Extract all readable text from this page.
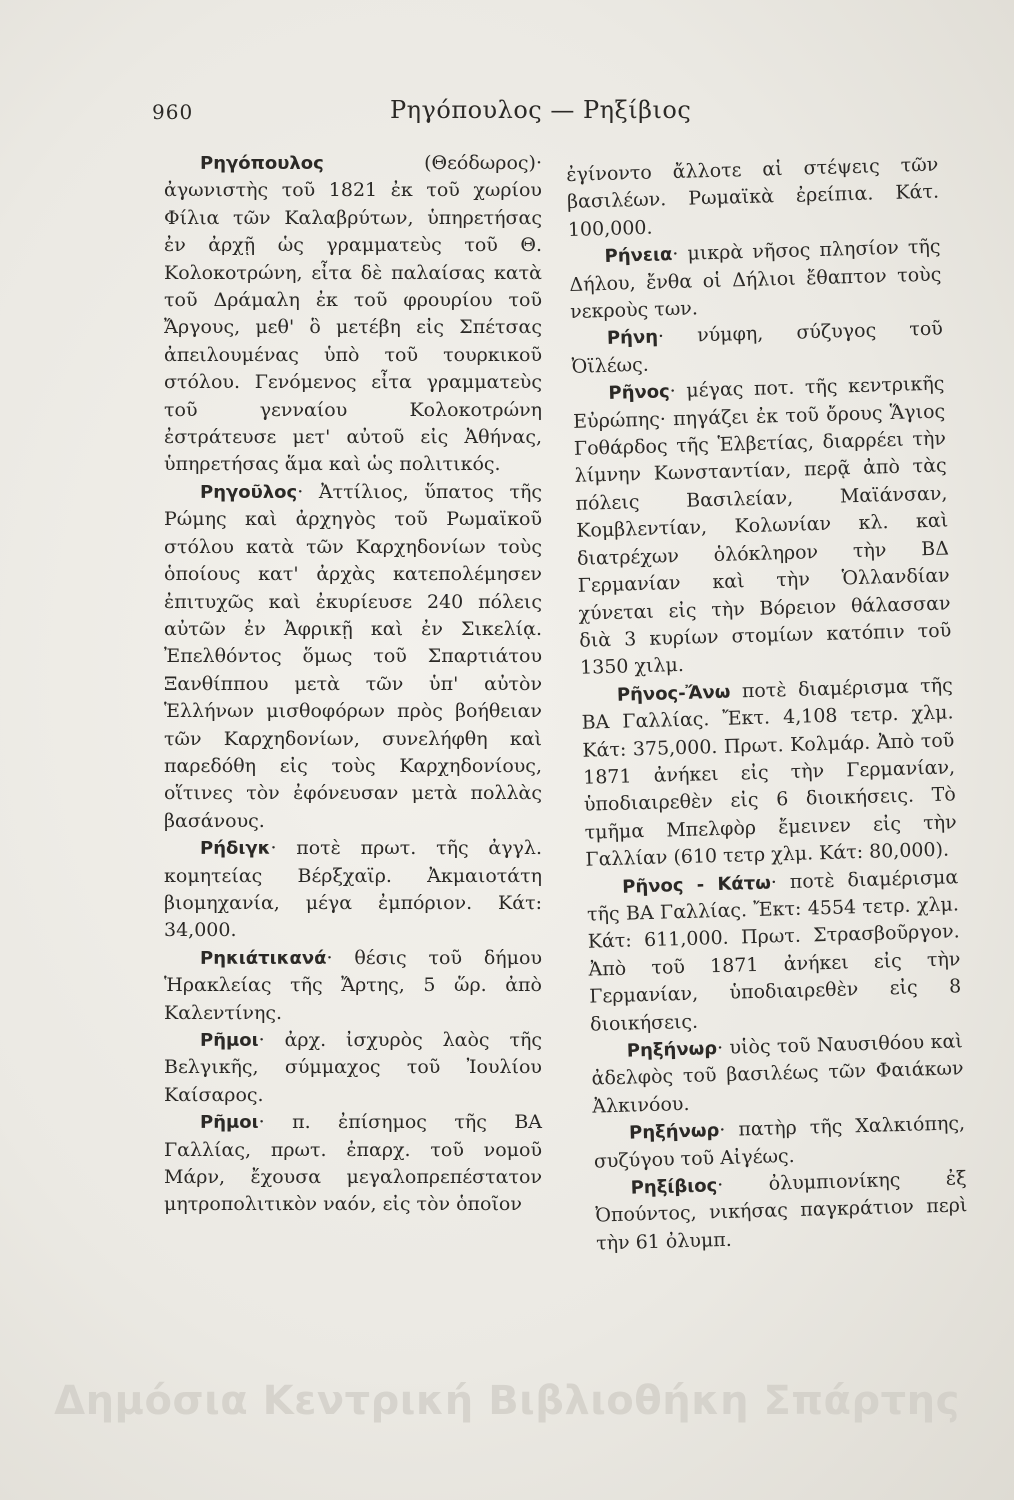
960	Ρηγόπουλος — Ρηξίβιος

Ρηγόπουλος (Θεόδωρος)· ἀγωνιστὴς τοῦ 1821 ἐκ τοῦ χωρίου Φίλια τῶν Καλαβρύτων, ὑπηρετήσας ἐν ἀρχῇ ὡς γραμματεὺς τοῦ Θ. Κολοκοτρώνη, εἶτα δὲ παλαίσας κατὰ τοῦ Δράμαλη ἐκ τοῦ φρουρίου τοῦ Ἄργους, μεθ' ὃ μετέβη εἰς Σπέτσας ἀπειλουμένας ὑπὸ τοῦ τουρκικοῦ στόλου. Γενόμενος εἶτα γραμματεὺς τοῦ γενναίου Κολοκοτρώνη ἐστράτευσε μετ' αὐτοῦ εἰς Ἀθήνας, ὑπηρετήσας ἅμα καὶ ὡς πολιτικός.

Ρηγοῦλος· Ἀττίλιος, ὕπατος τῆς Ρώμης καὶ ἀρχηγὸς τοῦ Ρωμαϊκοῦ στόλου κατὰ τῶν Καρχηδονίων τοὺς ὁποίους κατ' ἀρχὰς κατεπολέμησεν ἐπιτυχῶς καὶ ἐκυρίευσε 240 πόλεις αὐτῶν ἐν Ἀφρικῇ καὶ ἐν Σικελίᾳ. Ἐπελθόντος ὅμως τοῦ Σπαρτιάτου Ξανθίππου μετὰ τῶν ὑπ' αὐτὸν Ἑλλήνων μισθοφόρων πρὸς βοήθειαν τῶν Καρχηδονίων, συνελήφθη καὶ παρεδόθη εἰς τοὺς Καρχηδονίους, οἵτινες τὸν ἐφόνευσαν μετὰ πολλὰς βασάνους.

Ρήδιγκ· ποτὲ πρωτ. τῆς ἀγγλ. κομητείας Βέρξχαϊρ. Ἀκμαιοτάτη βιομηχανία, μέγα ἐμπόριον. Κάτ: 34,000.

Ρηκιάτικανά· θέσις τοῦ δήμου Ἡρακλείας τῆς Ἄρτης, 5 ὥρ. ἀπὸ Καλεντίνης.

Ρῆμοι· ἀρχ. ἰσχυρὸς λαὸς τῆς Βελγικῆς, σύμμαχος τοῦ Ἰουλίου Καίσαρος.

Ρῆμοι· π. ἐπίσημος τῆς ΒΑ Γαλλίας, πρωτ. ἐπαρχ. τοῦ νομοῦ Μάρν, ἔχουσα μεγαλοπρεπέστατον μητροπολιτικὸν ναόν, εἰς τὸν ὁποῖον

ἐγίνοντο ἄλλοτε αἱ στέψεις τῶν βασιλέων. Ρωμαϊκὰ ἐρείπια. Κάτ. 100,000.

Ρήνεια· μικρὰ νῆσος πλησίον τῆς Δήλου, ἔνθα οἱ Δήλιοι ἔθαπτον τοὺς νεκροὺς των.

Ρήνη· νύμφη, σύζυγος τοῦ Ὀϊλέως.

Ρῆνος· μέγας ποτ. τῆς κεντρικῆς Εὐρώπης· πηγάζει ἐκ τοῦ ὄρους Ἅγιος Γοθάρδος τῆς Ἑλβετίας, διαρρέει τὴν λίμνην Κωνσταντίαν, περᾷ ἀπὸ τὰς πόλεις Βασιλείαν, Μαϊάνσαν, Κομβλεντίαν, Κολωνίαν κλ. καὶ διατρέχων ὁλόκληρον τὴν ΒΔ Γερμανίαν καὶ τὴν Ὁλλανδίαν χύνεται εἰς τὴν Βόρειον θάλασσαν διὰ 3 κυρίων στομίων κατόπιν τοῦ 1350 χιλμ.

Ρῆνος-Ἄνω ποτὲ διαμέρισμα τῆς ΒΑ Γαλλίας. Ἔκτ. 4,108 τετρ. χλμ. Κάτ: 375,000. Πρωτ. Κολμάρ. Ἀπὸ τοῦ 1871 ἀνήκει εἰς τὴν Γερμανίαν, ὑποδιαιρεθὲν εἰς 6 διοικήσεις. Τὸ τμῆμα Μπελφὸρ ἔμεινεν εἰς τὴν Γαλλίαν (610 τετρ χλμ. Κάτ: 80,000).

Ρῆνος - Κάτω· ποτὲ διαμέρισμα τῆς ΒΑ Γαλλίας. Ἔκτ: 4554 τετρ. χλμ. Κάτ: 611,000. Πρωτ. Στρασβοῦργον. Ἀπὸ τοῦ 1871 ἀνήκει εἰς τὴν Γερμανίαν, ὑποδιαιρεθὲν εἰς 8 διοικήσεις.

Ρηξήνωρ· υἱὸς τοῦ Ναυσιθόου καὶ ἀδελφὸς τοῦ βασιλέως τῶν Φαιάκων Ἀλκινόου.

Ρηξήνωρ· πατὴρ τῆς Χαλκιόπης, συζύγου τοῦ Αἰγέως.

Ρηξίβιος· ὀλυμπιονίκης ἐξ Ὀπούντος, νικήσας παγκράτιον περὶ τὴν 61 ὀλυμπ.

Δημόσια Κεντρική Βιβλιοθήκη Σπάρτης
